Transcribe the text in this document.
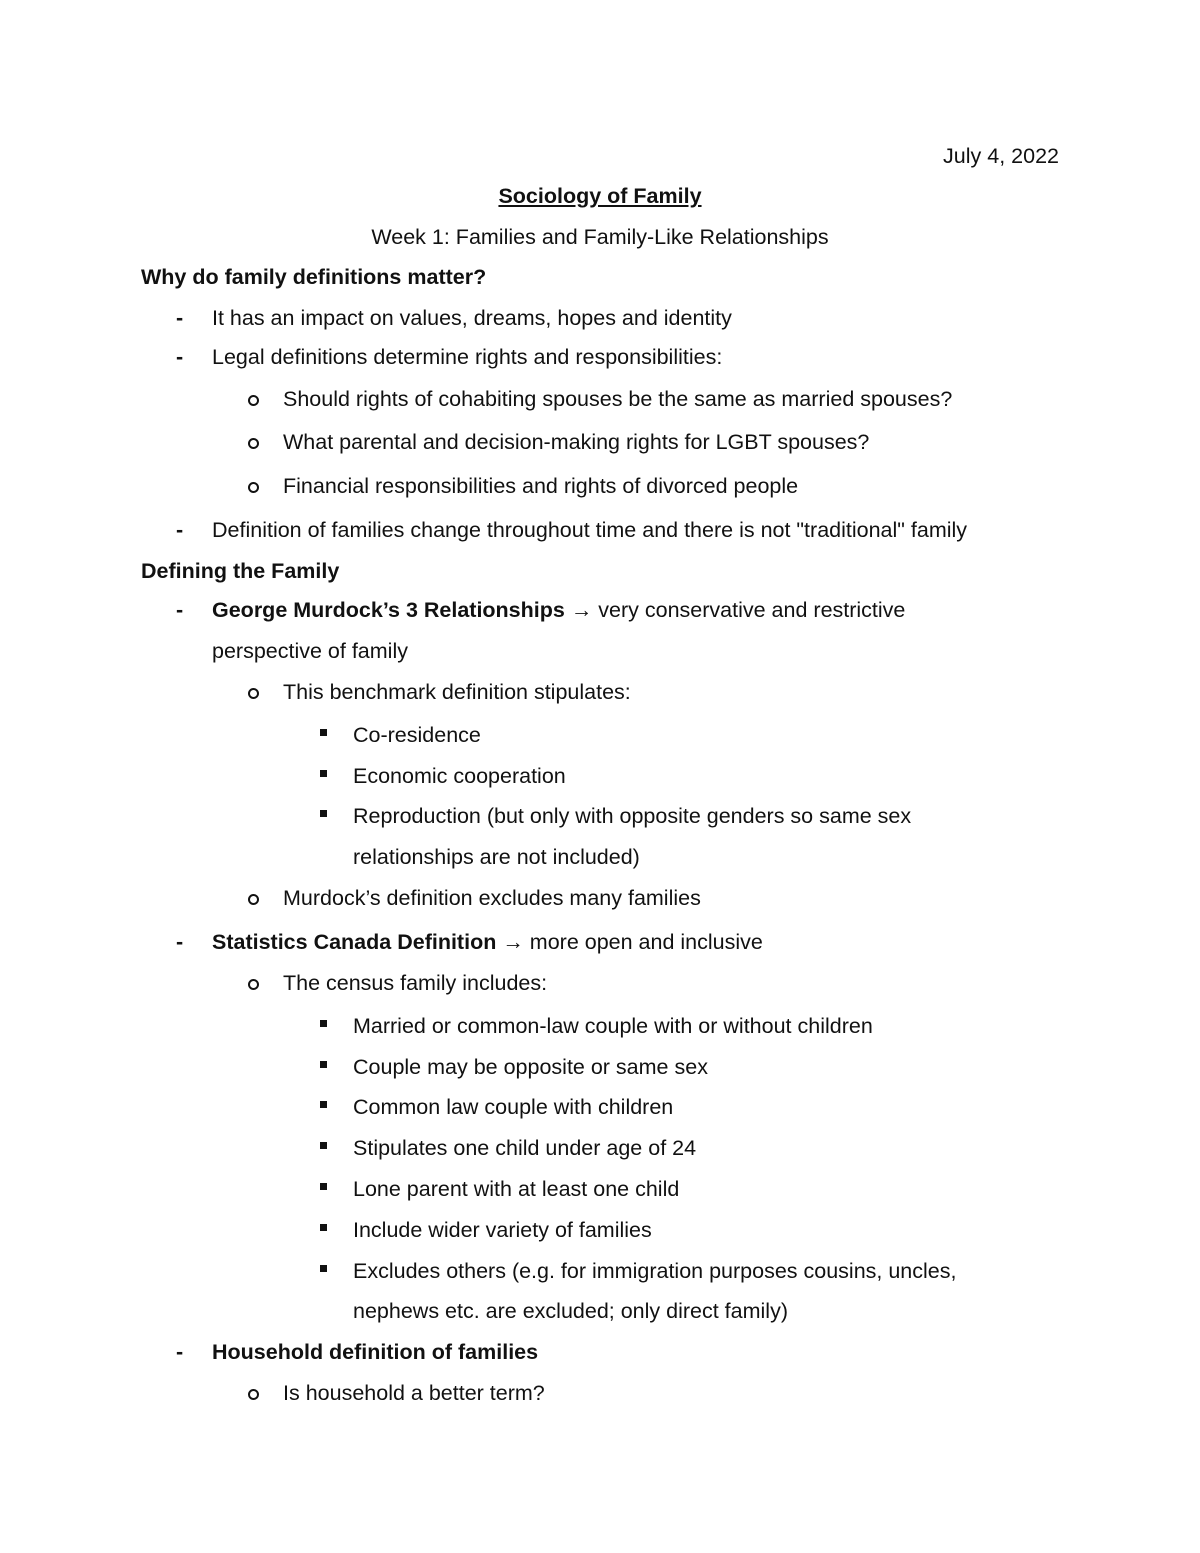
July 4, 2022
Sociology of Family
Week 1: Families and Family-Like Relationships
Why do family definitions matter?
- It has an impact on values, dreams, hopes and identity
- Legal definitions determine rights and responsibilities:
Should rights of cohabiting spouses be the same as married spouses?
What parental and decision-making rights for LGBT spouses?
Financial responsibilities and rights of divorced people
- Definition of families change throughout time and there is not "traditional" family
Defining the Family
- George Murdock’s 3 Relationships → very conservative and restrictive
perspective of family
This benchmark definition stipulates:
Co-residence
Economic cooperation
Reproduction (but only with opposite genders so same sex
relationships are not included)
Murdock’s definition excludes many families
- Statistics Canada Definition → more open and inclusive
The census family includes:
Married or common-law couple with or without children
Couple may be opposite or same sex
Common law couple with children
Stipulates one child under age of 24
Lone parent with at least one child
Include wider variety of families
Excludes others (e.g. for immigration purposes cousins, uncles,
nephews etc. are excluded; only direct family)
- Household definition of families
Is household a better term?
